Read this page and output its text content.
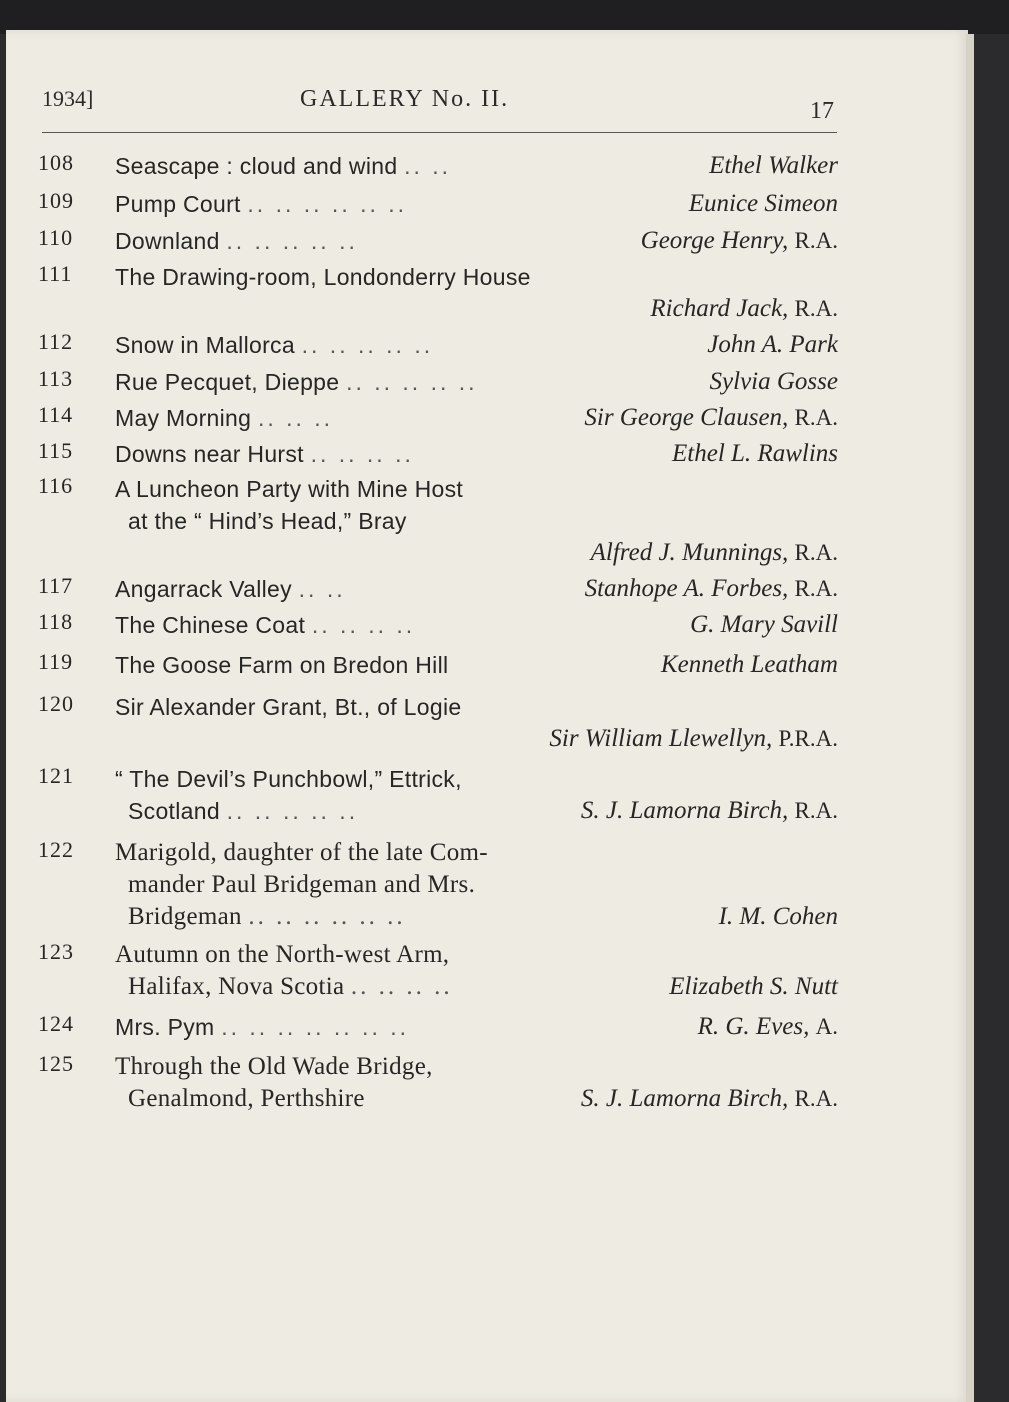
1934]	GALLERY No. II.	17
108 Seascape : cloud and wind .. ..	Ethel Walker
109 Pump Court .. .. .. .. .. ..	Eunice Simeon
110 Downland .. .. .. .. ..	George Henry, R.A.
111 The Drawing-room, Londonderry House
Richard Jack, R.A.
112 Snow in Mallorca .. .. .. .. ..	John A. Park
113 Rue Pecquet, Dieppe .. .. .. .. ..	Sylvia Gosse
114 May Morning .. .. ..	Sir George Clausen, R.A.
115 Downs near Hurst .. .. .. ..	Ethel L. Rawlins
116 A Luncheon Party with Mine Host
at the “ Hind’s Head,” Bray
Alfred J. Munnings, R.A.
117 Angarrack Valley .. ..	Stanhope A. Forbes, R.A.
118 The Chinese Coat .. .. .. ..	G. Mary Savill
119 The Goose Farm on Bredon Hill	Kenneth Leatham
120 Sir Alexander Grant, Bt., of Logie
Sir William Llewellyn, P.R.A.
121 “ The Devil’s Punchbowl,” Ettrick,
Scotland .. .. .. .. ..	S. J. Lamorna Birch, R.A.
122 Marigold, daughter of the late Com-
mander Paul Bridgeman and Mrs.
Bridgeman .. .. .. .. .. ..	I. M. Cohen
123 Autumn on the North-west Arm,
Halifax, Nova Scotia .. .. .. ..	Elizabeth S. Nutt
124 Mrs. Pym .. .. .. .. .. .. ..	R. G. Eves, A.
125 Through the Old Wade Bridge,
Genalmond, Perthshire	S. J. Lamorna Birch, R.A.
